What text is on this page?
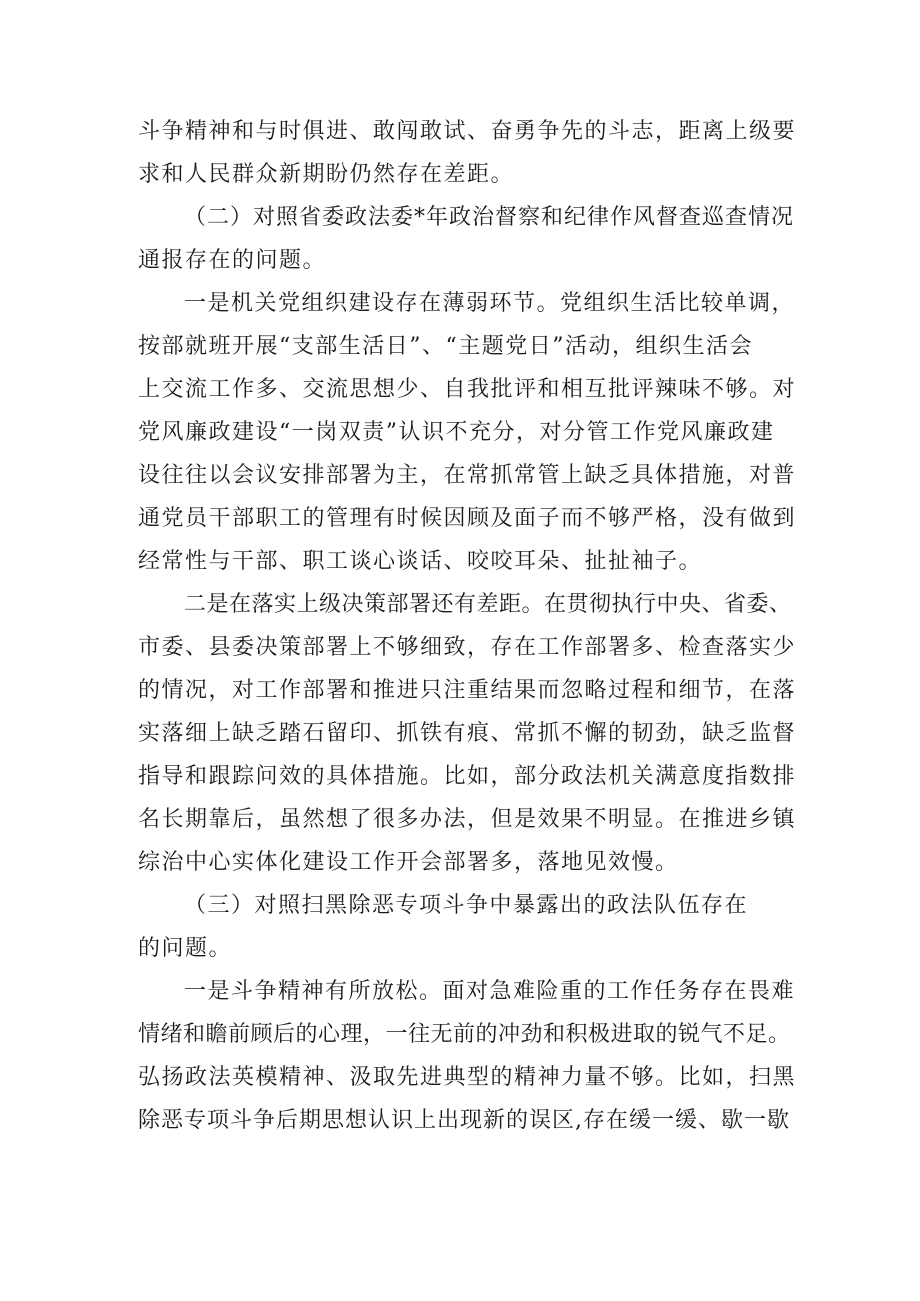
斗争精神和与时俱进、敢闯敢试、奋勇争先的斗志，距离上级要
求和人民群众新期盼仍然存在差距。
（二）对照省委政法委*年政治督察和纪律作风督查巡查情况
通报存在的问题。
一是机关党组织建设存在薄弱环节。党组织生活比较单调，
按部就班开展“支部生活日”、“主题党日”活动，组织生活会
上交流工作多、交流思想少、自我批评和相互批评辣味不够。对
党风廉政建设“一岗双责”认识不充分，对分管工作党风廉政建
设往往以会议安排部署为主，在常抓常管上缺乏具体措施，对普
通党员干部职工的管理有时候因顾及面子而不够严格，没有做到
经常性与干部、职工谈心谈话、咬咬耳朵、扯扯袖子。
二是在落实上级决策部署还有差距。在贯彻执行中央、省委、
市委、县委决策部署上不够细致，存在工作部署多、检查落实少
的情况，对工作部署和推进只注重结果而忽略过程和细节，在落
实落细上缺乏踏石留印、抓铁有痕、常抓不懈的韧劲，缺乏监督
指导和跟踪问效的具体措施。比如，部分政法机关满意度指数排
名长期靠后，虽然想了很多办法，但是效果不明显。在推进乡镇
综治中心实体化建设工作开会部署多，落地见效慢。
（三）对照扫黑除恶专项斗争中暴露出的政法队伍存在
的问题。
一是斗争精神有所放松。面对急难险重的工作任务存在畏难
情绪和瞻前顾后的心理，一往无前的冲劲和积极进取的锐气不足。
弘扬政法英模精神、汲取先进典型的精神力量不够。比如，扫黑
除恶专项斗争后期思想认识上出现新的误区,存在缓一缓、歇一歇
